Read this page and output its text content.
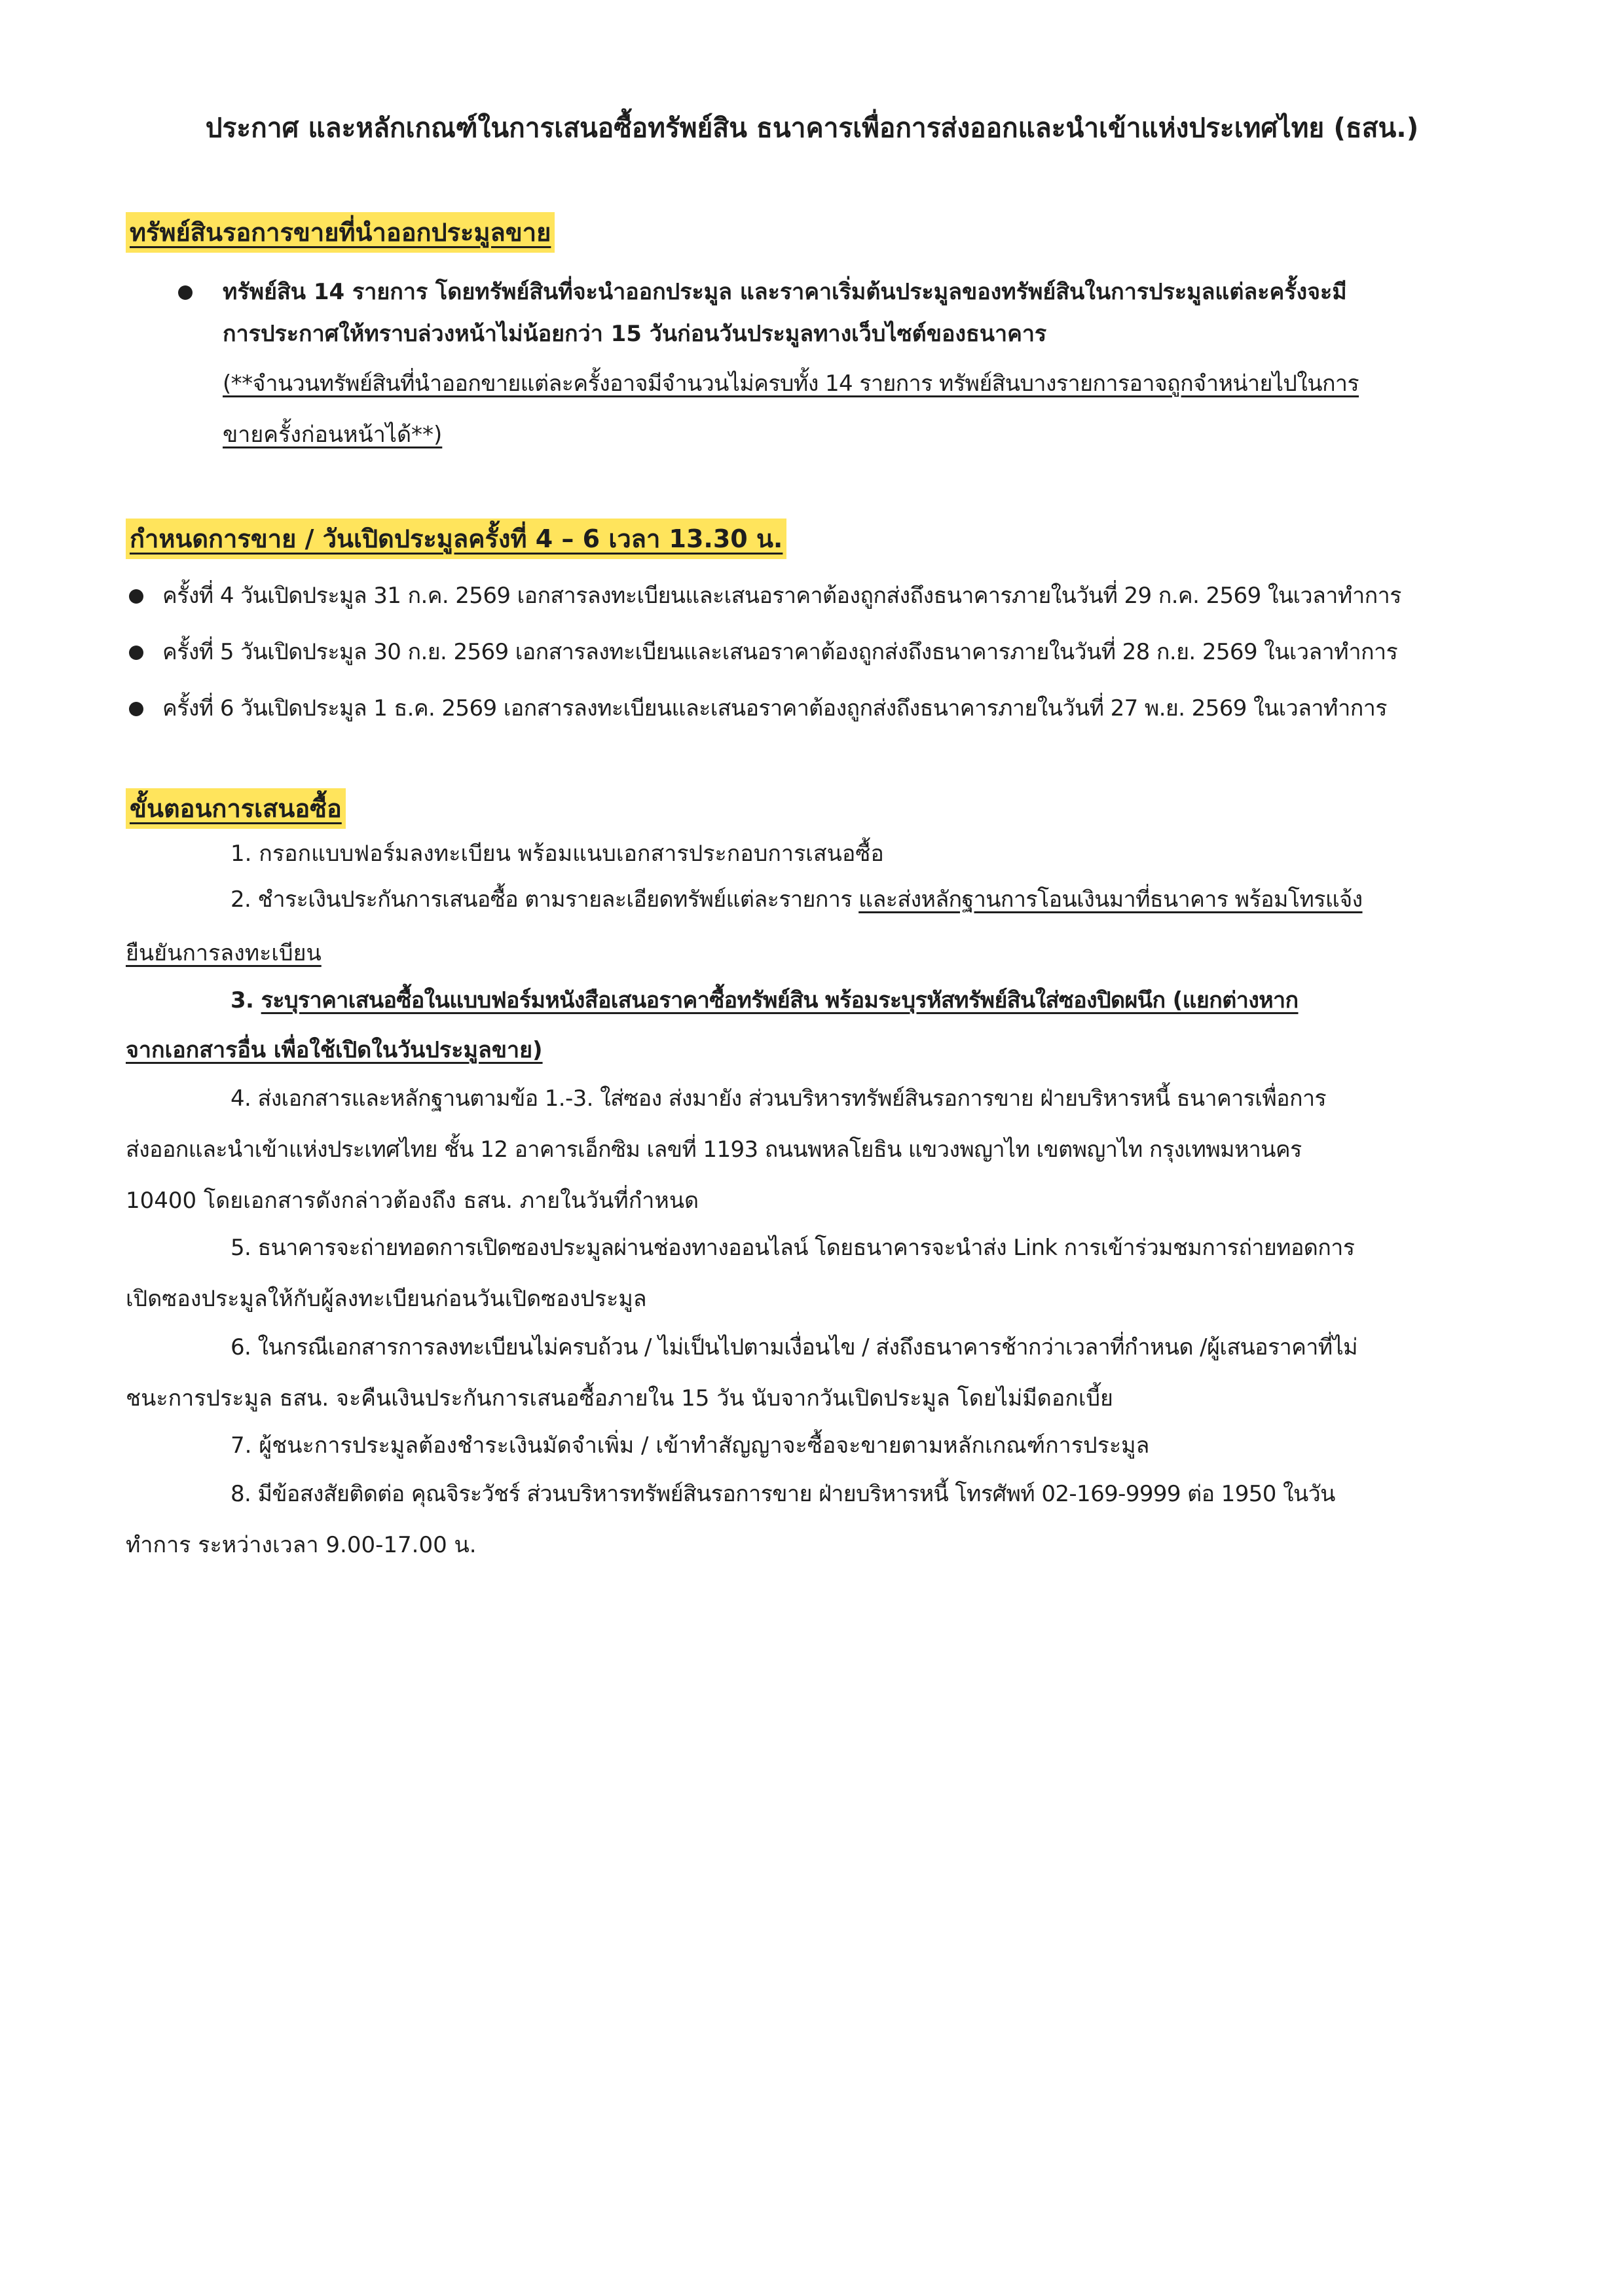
ประกาศ และหลักเกณฑ์ในการเสนอซื้อทรัพย์สิน ธนาคารเพื่อการส่งออกและนำเข้าแห่งประเทศไทย (ธสน.)
ทรัพย์สินรอการขายที่นำออกประมูลขาย
ทรัพย์สิน 14 รายการ โดยทรัพย์สินที่จะนำออกประมูล และราคาเริ่มต้นประมูลของทรัพย์สินในการประมูลแต่ละครั้งจะมี
การประกาศให้ทราบล่วงหน้าไม่น้อยกว่า 15 วันก่อนวันประมูลทางเว็บไซต์ของธนาคาร
(**จำนวนทรัพย์สินที่นำออกขายแต่ละครั้งอาจมีจำนวนไม่ครบทั้ง 14 รายการ ทรัพย์สินบางรายการอาจถูกจำหน่ายไปในการ
ขายครั้งก่อนหน้าได้**)
กำหนดการขาย / วันเปิดประมูลครั้งที่ 4 – 6 เวลา 13.30 น.
ครั้งที่ 4 วันเปิดประมูล 31 ก.ค. 2569 เอกสารลงทะเบียนและเสนอราคาต้องถูกส่งถึงธนาคารภายในวันที่ 29 ก.ค. 2569 ในเวลาทำการ
ครั้งที่ 5 วันเปิดประมูล 30 ก.ย. 2569 เอกสารลงทะเบียนและเสนอราคาต้องถูกส่งถึงธนาคารภายในวันที่ 28 ก.ย. 2569 ในเวลาทำการ
ครั้งที่ 6 วันเปิดประมูล 1 ธ.ค. 2569 เอกสารลงทะเบียนและเสนอราคาต้องถูกส่งถึงธนาคารภายในวันที่ 27 พ.ย. 2569 ในเวลาทำการ
ขั้นตอนการเสนอซื้อ
1. กรอกแบบฟอร์มลงทะเบียน พร้อมแนบเอกสารประกอบการเสนอซื้อ
2. ชำระเงินประกันการเสนอซื้อ ตามรายละเอียดทรัพย์แต่ละรายการ และส่งหลักฐานการโอนเงินมาที่ธนาคาร พร้อมโทรแจ้ง
ยืนยันการลงทะเบียน
3. ระบุราคาเสนอซื้อในแบบฟอร์มหนังสือเสนอราคาซื้อทรัพย์สิน พร้อมระบุรหัสทรัพย์สินใส่ซองปิดผนึก (แยกต่างหาก
จากเอกสารอื่น เพื่อใช้เปิดในวันประมูลขาย)
4. ส่งเอกสารและหลักฐานตามข้อ 1.-3. ใส่ซอง ส่งมายัง ส่วนบริหารทรัพย์สินรอการขาย ฝ่ายบริหารหนี้ ธนาคารเพื่อการ
ส่งออกและนำเข้าแห่งประเทศไทย ชั้น 12 อาคารเอ็กซิม เลขที่ 1193 ถนนพหลโยธิน แขวงพญาไท เขตพญาไท กรุงเทพมหานคร
10400 โดยเอกสารดังกล่าวต้องถึง ธสน. ภายในวันที่กำหนด
5. ธนาคารจะถ่ายทอดการเปิดซองประมูลผ่านช่องทางออนไลน์ โดยธนาคารจะนำส่ง Link การเข้าร่วมชมการถ่ายทอดการ
เปิดซองประมูลให้กับผู้ลงทะเบียนก่อนวันเปิดซองประมูล
6. ในกรณีเอกสารการลงทะเบียนไม่ครบถ้วน / ไม่เป็นไปตามเงื่อนไข / ส่งถึงธนาคารช้ากว่าเวลาที่กำหนด /ผู้เสนอราคาที่ไม่
ชนะการประมูล ธสน. จะคืนเงินประกันการเสนอซื้อภายใน 15 วัน นับจากวันเปิดประมูล โดยไม่มีดอกเบี้ย
7. ผู้ชนะการประมูลต้องชำระเงินมัดจำเพิ่ม / เข้าทำสัญญาจะซื้อจะขายตามหลักเกณฑ์การประมูล
8. มีข้อสงสัยติดต่อ คุณจิระวัชร์ ส่วนบริหารทรัพย์สินรอการขาย ฝ่ายบริหารหนี้ โทรศัพท์ 02-169-9999 ต่อ 1950 ในวัน
ทำการ ระหว่างเวลา 9.00-17.00 น.
